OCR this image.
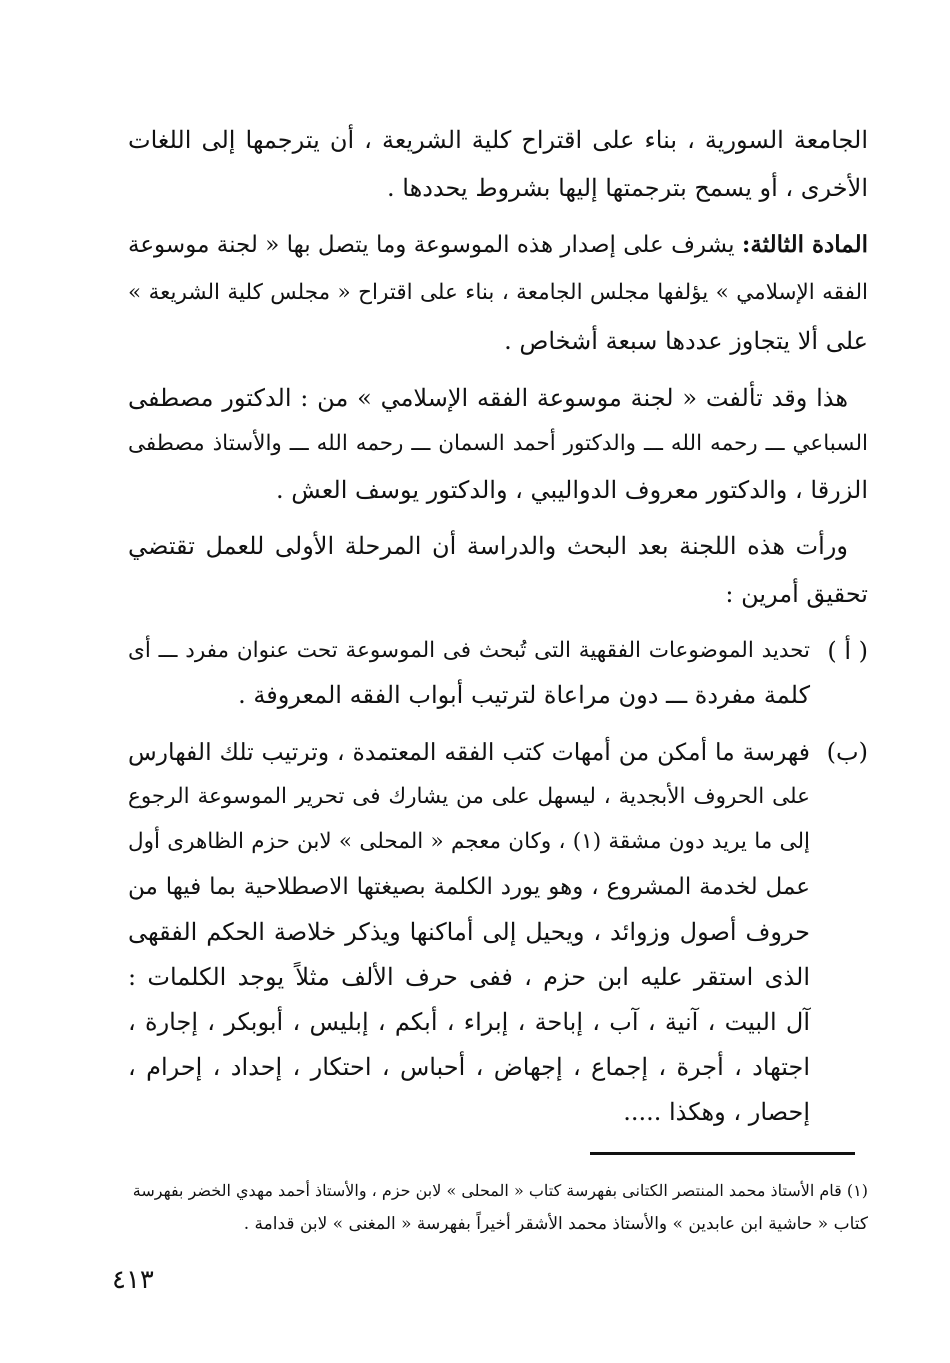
الجامعة السورية ، بناء على اقتراح كلية الشريعة ، أن يترجمها إلى اللغات
الأخرى ، أو يسمح بترجمتها إليها بشروط يحددها .
المادة الثالثة: يشرف على إصدار هذه الموسوعة وما يتصل بها « لجنة موسوعة
الفقه الإسلامي » يؤلفها مجلس الجامعة ، بناء على اقتراح « مجلس كلية الشريعة »
على ألا يتجاوز عددها سبعة أشخاص .
هذا وقد تألفت « لجنة موسوعة الفقه الإسلامي » من : الدكتور مصطفى
السباعي ـــ رحمه الله ـــ والدكتور أحمد السمان ـــ رحمه الله ـــ والأستاذ مصطفى
الزرقا ، والدكتور معروف الدواليبي ، والدكتور يوسف العش .
ورأت هذه اللجنة بعد البحث والدراسة أن المرحلة الأولى للعمل تقتضي
تحقيق أمرين :
( أ )
تحديد الموضوعات الفقهية التى تُبحث فى الموسوعة تحت عنوان مفرد ـــ أى
كلمة مفردة ـــ دون مراعاة لترتيب أبواب الفقه المعروفة .
(ب)
فهرسة ما أمكن من أمهات كتب الفقه المعتمدة ، وترتيب تلك الفهارس
على الحروف الأبجدية ، ليسهل على من يشارك فى تحرير الموسوعة الرجوع
إلى ما يريد دون مشقة (١) ، وكان معجم « المحلى » لابن حزم الظاهرى أول
عمل لخدمة المشروع ، وهو يورد الكلمة بصيغتها الاصطلاحية بما فيها من
حروف أصول وزوائد ، ويحيل إلى أماكنها ويذكر خلاصة الحكم الفقهى
الذى استقر عليه ابن حزم ، ففى حرف الألف مثلاً يوجد الكلمات :
آل البيت ، آنية ، آب ، إباحة ، إبراء ، أبكم ، إبليس ، أبوبكر ، إجارة ،
اجتهاد ، أجرة ، إجماع ، إجهاض ، أحباس ، احتكار ، إحداد ، إحرام ،
إحصار ، وهكذا .....
(١) قام الأستاذ محمد المنتصر الكتانى بفهرسة كتاب « المحلى » لابن حزم ، والأستاذ أحمد مهدي الخضر بفهرسة
كتاب « حاشية ابن عابدين » والأستاذ محمد الأشقر أخيراً بفهرسة « المغنى » لابن قدامة .
٤١٣
